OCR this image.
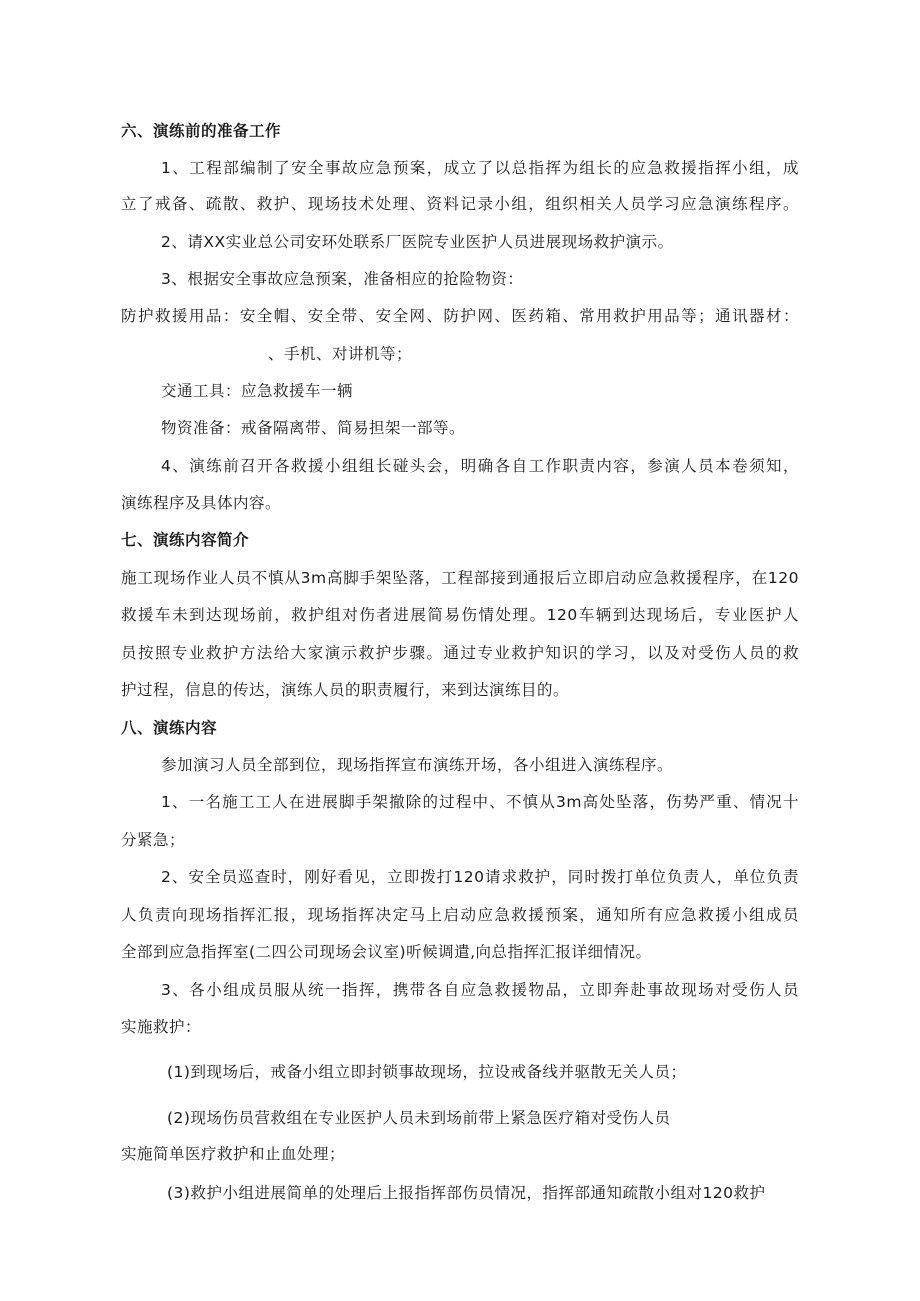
六、演练前的准备工作
1、工程部编制了安全事故应急预案，成立了以总指挥为组长的应急救援指挥小组，成
立了戒备、疏散、救护、现场技术处理、资料记录小组，组织相关人员学习应急演练程序。
2、请XX实业总公司安环处联系厂医院专业医护人员进展现场救护演示。
3、根据安全事故应急预案，准备相应的抢险物资：
防护救援用品：安全帽、安全带、安全网、防护网、医药箱、常用救护用品等；通讯器材：
、手机、对讲机等；
交通工具：应急救援车一辆
物资准备：戒备隔离带、简易担架一部等。
4、演练前召开各救援小组组长碰头会，明确各自工作职责内容，参演人员本卷须知，
演练程序及具体内容。
七、演练内容简介
施工现场作业人员不慎从3m高脚手架坠落，工程部接到通报后立即启动应急救援程序，在120
救援车未到达现场前，救护组对伤者进展简易伤情处理。120车辆到达现场后，专业医护人
员按照专业救护方法给大家演示救护步骤。通过专业救护知识的学习，以及对受伤人员的救
护过程，信息的传达，演练人员的职责履行，来到达演练目的。
八、演练内容
参加演习人员全部到位，现场指挥宣布演练开场，各小组进入演练程序。
1、一名施工工人在进展脚手架撤除的过程中、不慎从3m高处坠落，伤势严重、情况十
分紧急；
2、安全员巡查时，刚好看见，立即拨打120请求救护，同时拨打单位负责人，单位负责
人负责向现场指挥汇报，现场指挥决定马上启动应急救援预案，通知所有应急救援小组成员
全部到应急指挥室(二四公司现场会议室)听候调遣,向总指挥汇报详细情况。
3、各小组成员服从统一指挥，携带各自应急救援物品，立即奔赴事故现场对受伤人员
实施救护：
(1)到现场后，戒备小组立即封锁事故现场，拉设戒备线并驱散无关人员；
(2)现场伤员营救组在专业医护人员未到场前带上紧急医疗箱对受伤人员
实施简单医疗救护和止血处理；
(3)救护小组进展简单的处理后上报指挥部伤员情况，指挥部通知疏散小组对120救护
